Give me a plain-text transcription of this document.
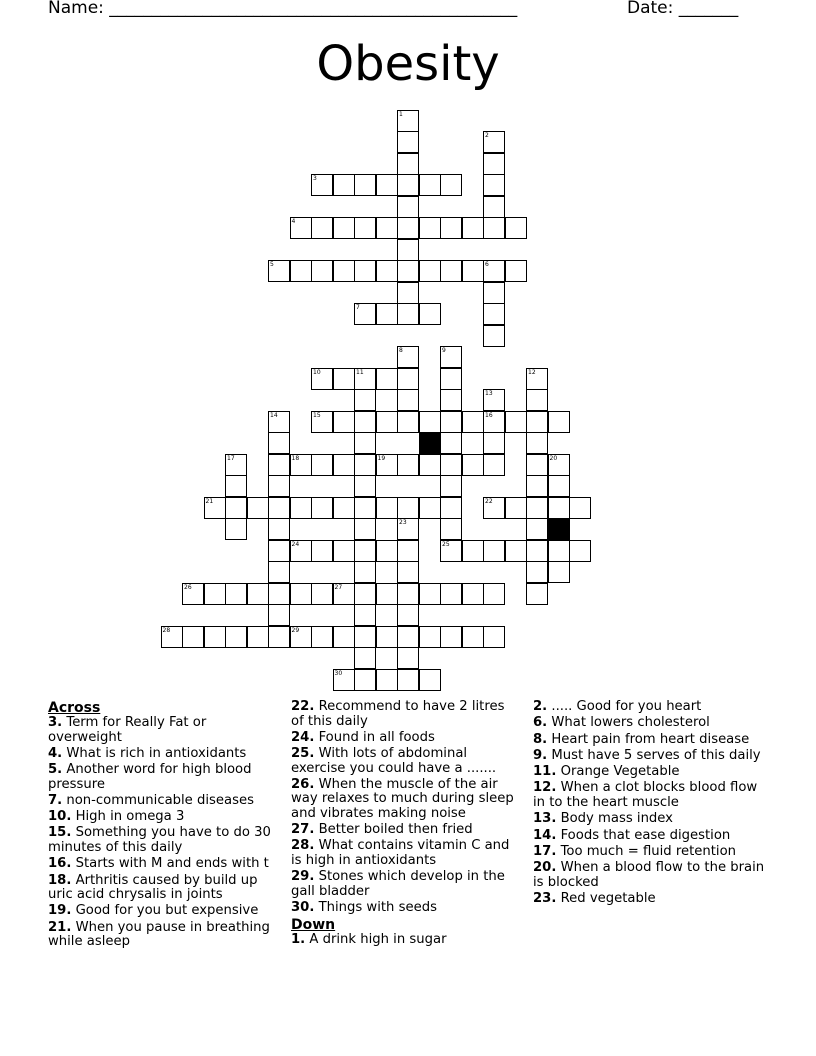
Name: ________________________________________________	Date: _______
Obesity
1
2
3
4
5	6
7
8	9
25
10	11	12
13
16
14	15
17	18	19	20
21	22
23
24
26	27
28	29
30
Across
3. Term for Really Fat or overweight
4. What is rich in antioxidants
5. Another word for high blood pressure
7. non-communicable diseases
10. High in omega 3
15. Something you have to do 30 minutes of this daily
16. Starts with M and ends with t
18. Arthritis caused by build up uric acid chrysalis in joints
19. Good for you but expensive
21. When you pause in breathing while asleep
22. Recommend to have 2 litres of this daily
24. Found in all foods
25. With lots of abdominal exercise you could have a .......
26. When the muscle of the air way relaxes to much during sleep and vibrates making noise
27. Better boiled then fried
28. What contains vitamin C and is high in antioxidants
29. Stones which develop in the gall bladder
30. Things with seeds
Down
1. A drink high in sugar
2. ..... Good for you heart
6. What lowers cholesterol
8. Heart pain from heart disease
9. Must have 5 serves of this daily
11. Orange Vegetable
12. When a clot blocks blood flow in to the heart muscle
13. Body mass index
14. Foods that ease digestion
17. Too much = fluid retention
20. When a blood flow to the brain is blocked
23. Red vegetable
